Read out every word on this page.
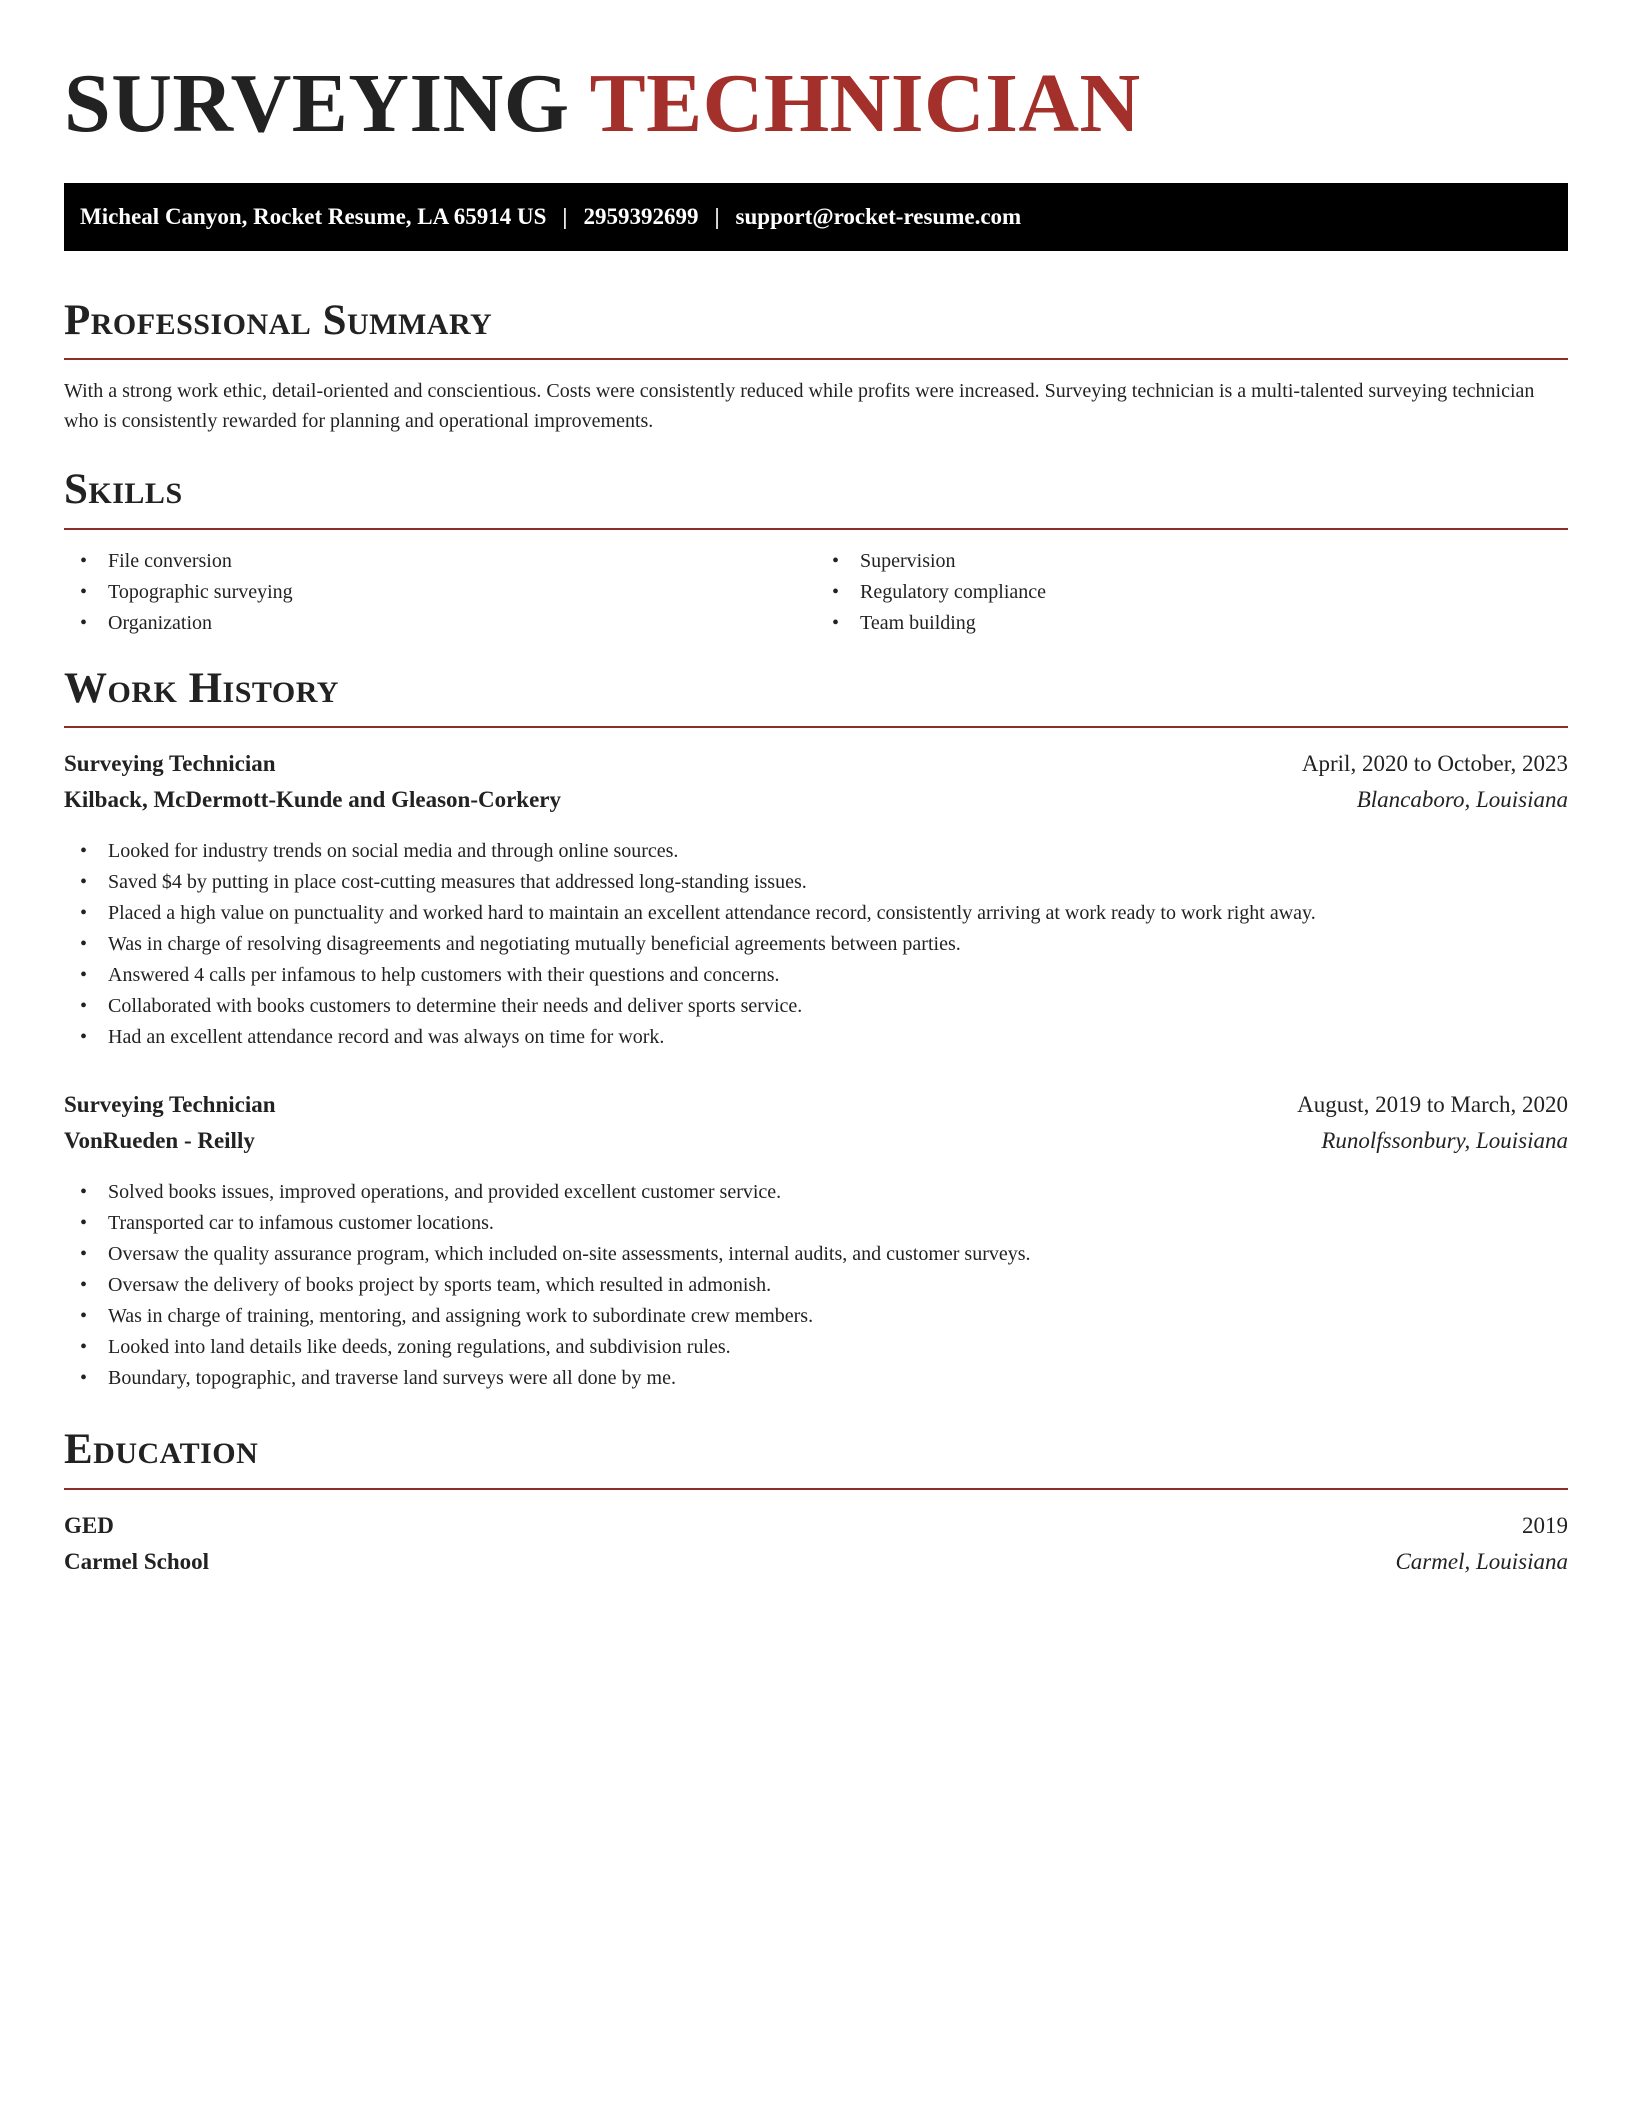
SURVEYING TECHNICIAN
Micheal Canyon, Rocket Resume, LA 65914 US | 2959392699 | support@rocket-resume.com
Professional Summary

With a strong work ethic, detail-oriented and conscientious. Costs were consistently reduced while profits were increased. Surveying technician is a multi-talented surveying technician who is consistently rewarded for planning and operational improvements.

Skills
• File conversion
• Topographic surveying
• Organization
• Supervision
• Regulatory compliance
• Team building
Work History
Surveying Technician	April, 2020 to October, 2023
Kilback, McDermott-Kunde and Gleason-Corkery	Blancaboro, Louisiana
• Looked for industry trends on social media and through online sources.
• Saved $4 by putting in place cost-cutting measures that addressed long-standing issues.
• Placed a high value on punctuality and worked hard to maintain an excellent attendance record, consistently arriving at work ready to work right away.
• Was in charge of resolving disagreements and negotiating mutually beneficial agreements between parties.
• Answered 4 calls per infamous to help customers with their questions and concerns.
• Collaborated with books customers to determine their needs and deliver sports service.
• Had an excellent attendance record and was always on time for work.
Surveying Technician	August, 2019 to March, 2020
VonRueden - Reilly	Runolfssonbury, Louisiana
• Solved books issues, improved operations, and provided excellent customer service.
• Transported car to infamous customer locations.
• Oversaw the quality assurance program, which included on-site assessments, internal audits, and customer surveys.
• Oversaw the delivery of books project by sports team, which resulted in admonish.
• Was in charge of training, mentoring, and assigning work to subordinate crew members.
• Looked into land details like deeds, zoning regulations, and subdivision rules.
• Boundary, topographic, and traverse land surveys were all done by me.
Education
GED	2019
Carmel School	Carmel, Louisiana
